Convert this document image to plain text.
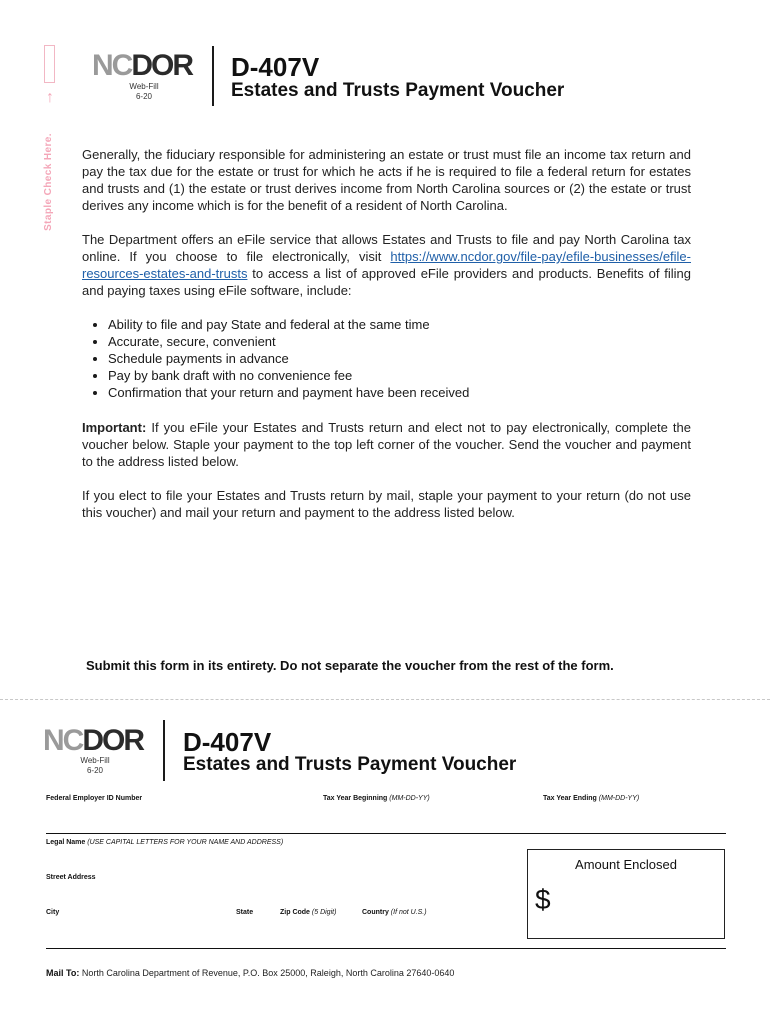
↑
Staple Check Here.
NCDOR
Web-Fill
6-20
D-407V
Estates and Trusts Payment Voucher
Generally, the fiduciary responsible for administering an estate or trust must file an income tax return and pay the tax due for the estate or trust for which he acts if he is required to file a federal return for estates and trusts and (1) the estate or trust derives income from North Carolina sources or (2) the estate or trust derives any income which is for the benefit of a resident of North Carolina.
The Department offers an eFile service that allows Estates and Trusts to file and pay North Carolina tax online. If you choose to file electronically, visit https://www.ncdor.gov/file-pay/efile-businesses/efile-resources-estates-and-trusts to access a list of approved eFile providers and products. Benefits of filing and paying taxes using eFile software, include:
• Ability to file and pay State and federal at the same time
• Accurate, secure, convenient
• Schedule payments in advance
• Pay by bank draft with no convenience fee
• Confirmation that your return and payment have been received
Important: If you eFile your Estates and Trusts return and elect not to pay electronically, complete the voucher below. Staple your payment to the top left corner of the voucher. Send the voucher and payment to the address listed below.
If you elect to file your Estates and Trusts return by mail, staple your payment to your return (do not use this voucher) and mail your return and payment to the address listed below.
Submit this form in its entirety. Do not separate the voucher from the rest of the form.
NCDOR
Web-Fill
6-20
D-407V
Estates and Trusts Payment Voucher
Federal Employer ID Number	Tax Year Beginning (MM-DD-YY)	Tax Year Ending (MM-DD-YY)
Legal Name (USE CAPITAL LETTERS FOR YOUR NAME AND ADDRESS)
Street Address
City	State	Zip Code (5 Digit)	Country (If not U.S.)
Amount Enclosed
$
Mail To: North Carolina Department of Revenue, P.O. Box 25000, Raleigh, North Carolina 27640-0640
